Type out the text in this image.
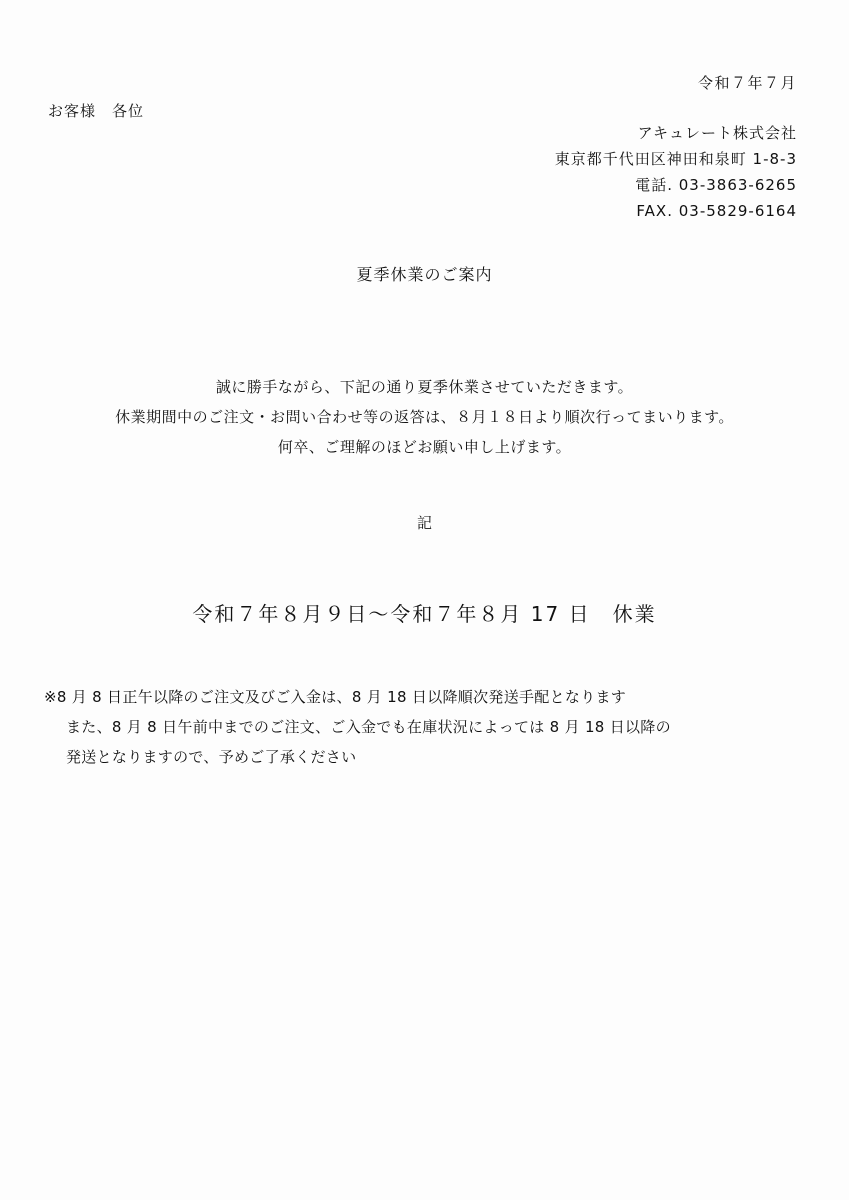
令和７年７月
お客様　各位
アキュレート株式会社
東京都千代田区神田和泉町 1-8-3
電話. 03-3863-6265
FAX. 03-5829-6164
夏季休業のご案内
誠に勝手ながら、下記の通り夏季休業させていただきます。
休業期間中のご注文・お問い合わせ等の返答は、８月１８日より順次行ってまいります。
何卒、ご理解のほどお願い申し上げます。
記
令和７年８月９日～令和７年８月 17 日　休業
※8 月 8 日正午以降のご注文及びご入金は、8 月 18 日以降順次発送手配となります
また、8 月 8 日午前中までのご注文、ご入金でも在庫状況によっては 8 月 18 日以降の
発送となりますので、予めご了承ください
